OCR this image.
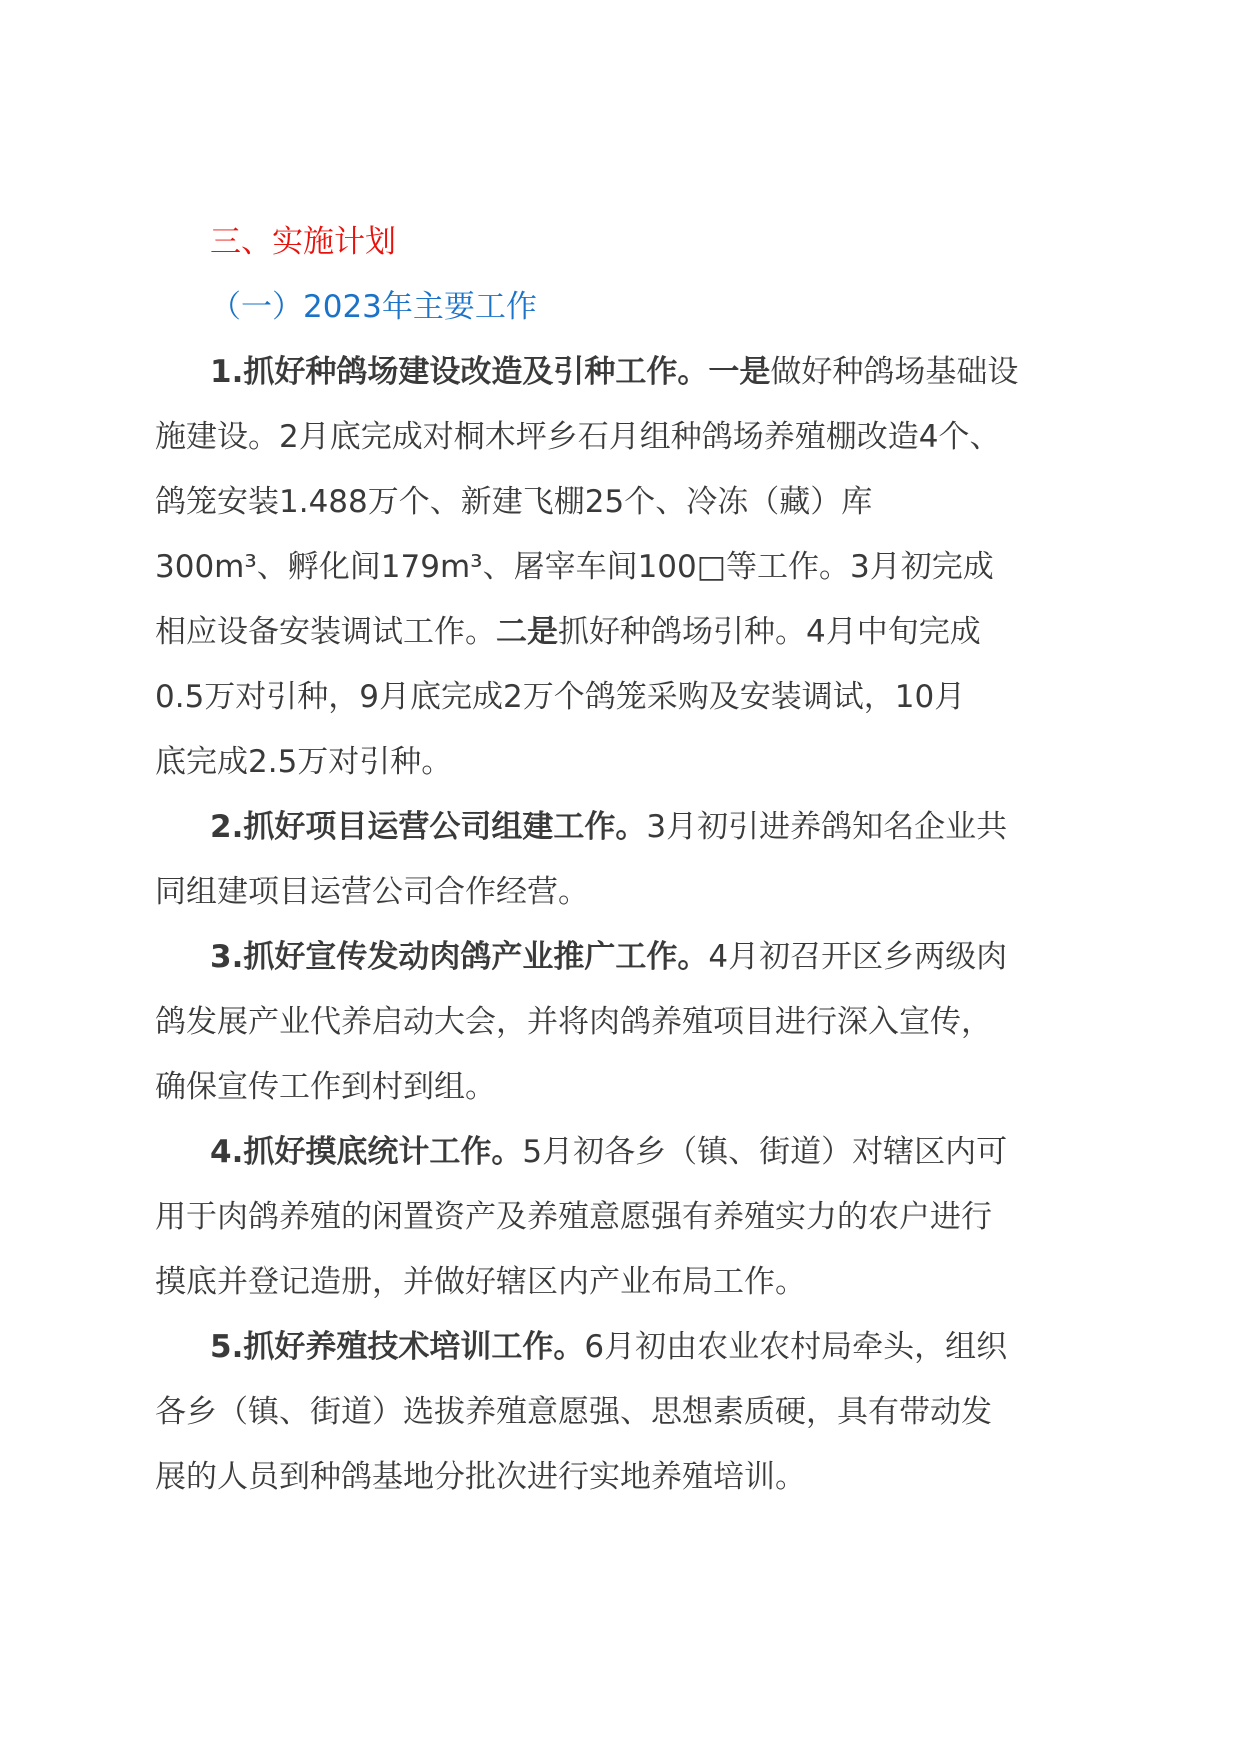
三、实施计划
（一）2023年主要工作
1.抓好种鸽场建设改造及引种工作。一是做好种鸽场基础设
施建设。2月底完成对桐木坪乡石月组种鸽场养殖棚改造4个、
鸽笼安装1.488万个、新建飞棚25个、冷冻（藏）库
300m³、孵化间179m³、屠宰车间100□等工作。3月初完成
相应设备安装调试工作。二是抓好种鸽场引种。4月中旬完成
0.5万对引种，9月底完成2万个鸽笼采购及安装调试，10月
底完成2.5万对引种。
2.抓好项目运营公司组建工作。3月初引进养鸽知名企业共
同组建项目运营公司合作经营。
3.抓好宣传发动肉鸽产业推广工作。4月初召开区乡两级肉
鸽发展产业代养启动大会，并将肉鸽养殖项目进行深入宣传，
确保宣传工作到村到组。
4.抓好摸底统计工作。5月初各乡（镇、街道）对辖区内可
用于肉鸽养殖的闲置资产及养殖意愿强有养殖实力的农户进行
摸底并登记造册，并做好辖区内产业布局工作。
5.抓好养殖技术培训工作。6月初由农业农村局牵头，组织
各乡（镇、街道）选拔养殖意愿强、思想素质硬，具有带动发
展的人员到种鸽基地分批次进行实地养殖培训。
